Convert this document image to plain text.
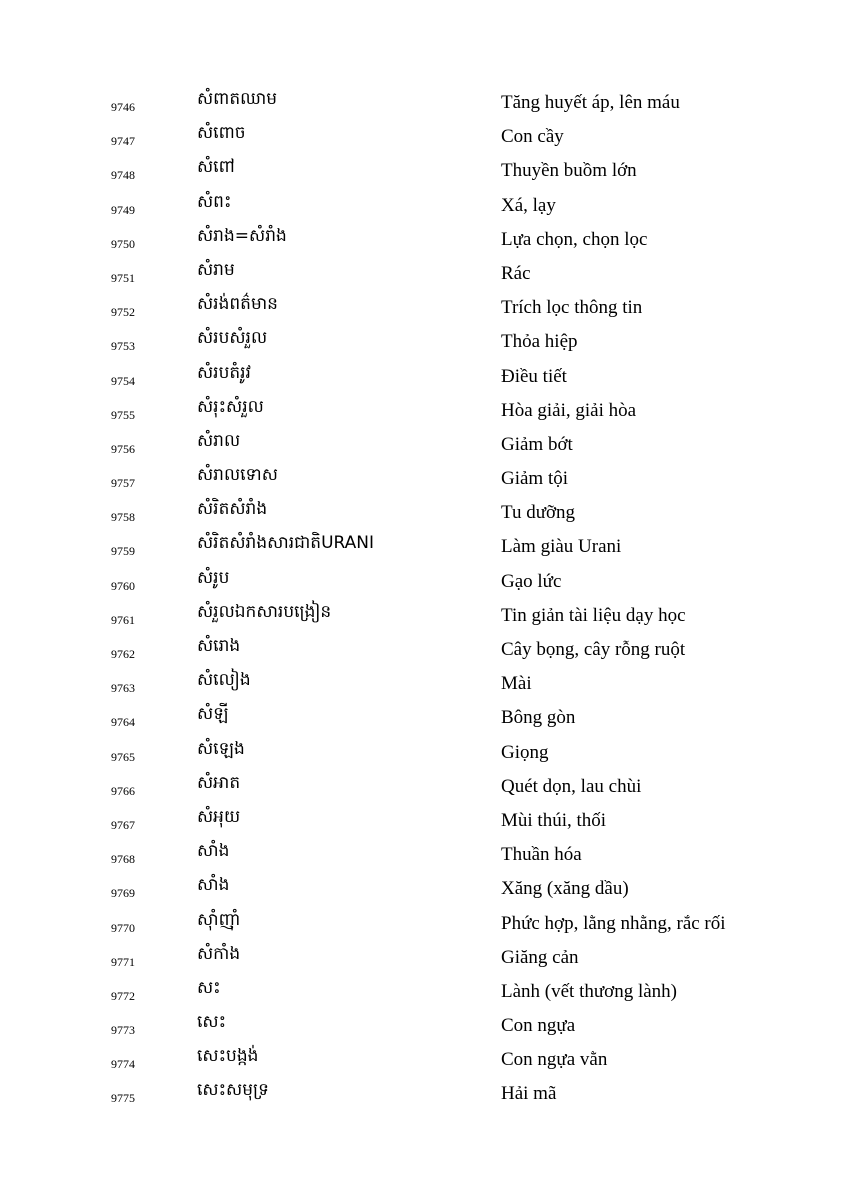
9746	សំពាតឈាម	Tăng huyết áp, lên máu
9747	សំពោច	Con cầy
9748	សំពៅ	Thuyền buồm lớn
9749	សំពះ	Xá, lạy
9750	សំរាង=សំរាំង	Lựa chọn, chọn lọc
9751	សំរាម	Rác
9752	សំរង់ពត៌មាន	Trích lọc thông tin
9753	សំរបសំរួល	Thỏa hiệp
9754	សំរបតំរូវ	Điều tiết
9755	សំរុះសំរួល	Hòa giải, giải hòa
9756	សំរាល	Giảm bớt
9757	សំរាលទោស	Giảm tội
9758	សំរិតសំរាំង	Tu dưỡng
9759	សំរិតសំរាំងសារជាតិURANI	Làm giàu Urani
9760	សំរូប	Gạo lức
9761	សំរួលឯកសារបង្រៀន	Tin giản tài liệu dạy học
9762	សំរោង	Cây bọng, cây rỗng ruột
9763	សំលៀង	Mài
9764	សំឡី	Bông gòn
9765	សំឡេង	Giọng
9766	សំអាត	Quét dọn, lau chùi
9767	សំអុយ	Mùi thúi, thối
9768	សាំង	Thuần hóa
9769	សាំង	Xăng (xăng dầu)
9770	ស៊ាំញ៉ាំ	Phức hợp, lằng nhằng, rắc rối
9771	សំកាំង	Giăng cản
9772	សះ	Lành (vết thương lành)
9773	សេះ	Con ngựa
9774	សេះបង្កង់	Con ngựa vằn
9775	សេះសមុទ្រ	Hải mã
